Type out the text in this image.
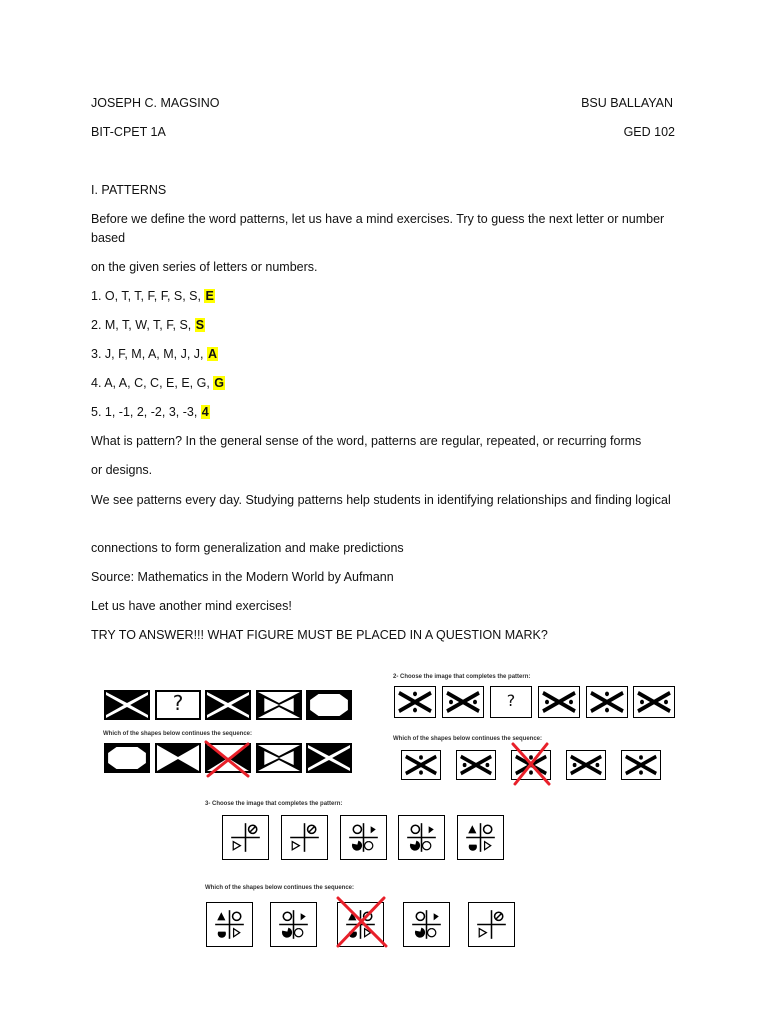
JOSEPH C. MAGSINO	BSU BALLAYAN
BIT-CPET 1A	GED 102
I. PATTERNS
Before we define the word patterns, let us have a mind exercises. Try to guess the next letter or number based
on the given series of letters or numbers.
1. O, T, T, F, F, S, S, E
2. M, T, W, T, F, S, S
3. J, F, M, A, M, J, J, A
4. A, A, C, C, E, E, G, G
5. 1, -1, 2, -2, 3, -3, 4
What is pattern? In the general sense of the word, patterns are regular, repeated, or recurring forms
or designs.
We see patterns every day. Studying patterns help students in identifying relationships and finding logical
connections to form generalization and make predictions
Source: Mathematics in the Modern World by Aufmann
Let us have another mind exercises!
TRY TO ANSWER!!! WHAT FIGURE MUST BE PLACED IN A QUESTION MARK?
?
Which of the shapes below continues the sequence:
2- Choose the image that completes the pattern:
?
Which of the shapes below continues the sequence:
3- Choose the image that completes the pattern:
Which of the shapes below continues the sequence:
